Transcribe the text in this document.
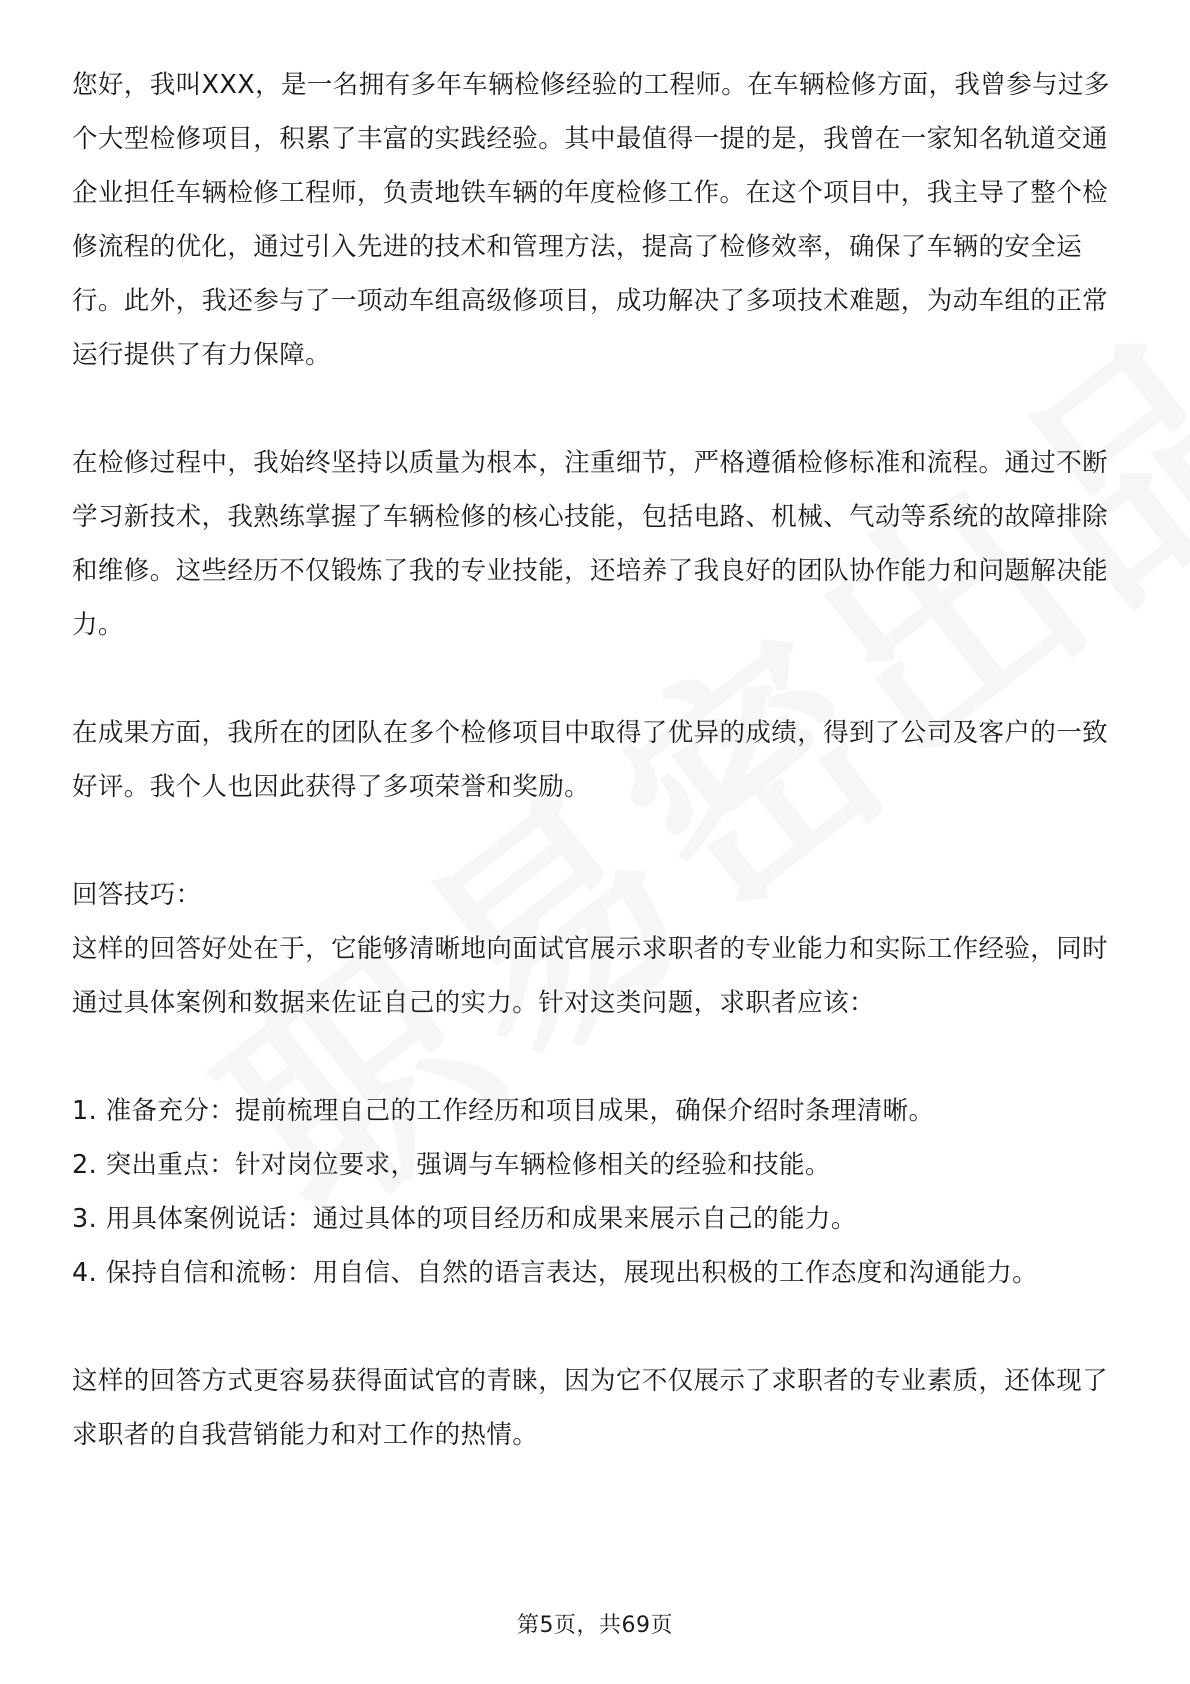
您好，我叫XXX，是一名拥有多年车辆检修经验的工程师。在车辆检修方面，我曾参与过多个大型检修项目，积累了丰富的实践经验。其中最值得一提的是，我曾在一家知名轨道交通企业担任车辆检修工程师，负责地铁车辆的年度检修工作。在这个项目中，我主导了整个检修流程的优化，通过引入先进的技术和管理方法，提高了检修效率，确保了车辆的安全运行。此外，我还参与了一项动车组高级修项目，成功解决了多项技术难题，为动车组的正常运行提供了有力保障。

在检修过程中，我始终坚持以质量为根本，注重细节，严格遵循检修标准和流程。通过不断学习新技术，我熟练掌握了车辆检修的核心技能，包括电路、机械、气动等系统的故障排除和维修。这些经历不仅锻炼了我的专业技能，还培养了我良好的团队协作能力和问题解决能力。

在成果方面，我所在的团队在多个检修项目中取得了优异的成绩，得到了公司及客户的一致好评。我个人也因此获得了多项荣誉和奖励。

回答技巧：

这样的回答好处在于，它能够清晰地向面试官展示求职者的专业能力和实际工作经验，同时通过具体案例和数据来佐证自己的实力。针对这类问题，求职者应该：

1. 准备充分：提前梳理自己的工作经历和项目成果，确保介绍时条理清晰。

2. 突出重点：针对岗位要求，强调与车辆检修相关的经验和技能。

3. 用具体案例说话：通过具体的项目经历和成果来展示自己的能力。

4. 保持自信和流畅：用自信、自然的语言表达，展现出积极的工作态度和沟通能力。

这样的回答方式更容易获得面试官的青睐，因为它不仅展示了求职者的专业素质，还体现了求职者的自我营销能力和对工作的热情。

第5页，共69页
